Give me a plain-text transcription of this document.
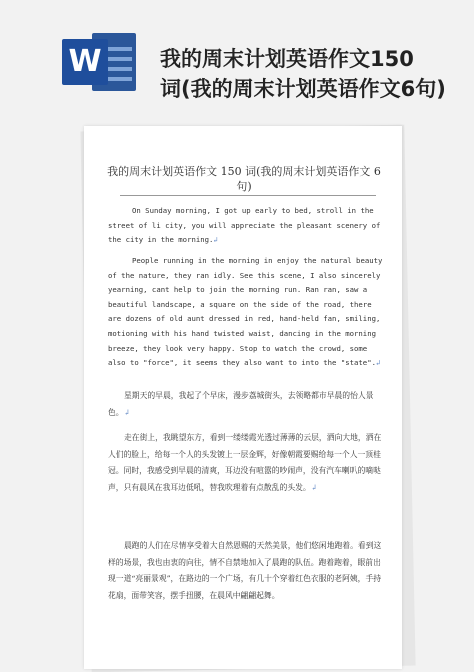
W	我的周末计划英语作文150
词(我的周末计划英语作文6句)
我的周末计划英语作文 150 词(我的周末计划英语作文 6 句)

On Sunday morning, I got up early to bed, stroll in the street of li city, you will appreciate the pleasant scenery of the city in the morning.↲

People running in the morning in enjoy the natural beauty of the nature, they ran idly. See this scene, I also sincerely yearning, cant help to join the morning run. Ran ran, saw a beautiful landscape, a square on the side of the road, there are dozens of old aunt dressed in red, hand-held fan, smiling, motioning with his hand twisted waist, dancing in the morning breeze, they look very happy. Stop to watch the crowd, some also to "force", it seems they also want to into the "state".↲

星期天的早晨，我起了个早床，漫步荔城街头，去领略都市早晨的怡人景色。↲

走在街上，我眺望东方，看到一缕缕霞光透过薄薄的云层，洒向大地，洒在人们的脸上，给每一个人的头发镀上一层金辉，好像朝霞要赐给每一个人一顶桂冠。同时，我感受到早晨的清爽，耳边没有喧嚣的吵闹声，没有汽车喇叭的嘀哒声，只有晨风在我耳边低吼，替我吹理着有点散乱的头发。↲

晨跑的人们在尽情享受着大自然恩赐的天然美景，他们悠闲地跑着。看到这样的场景，我也由衷的向往，情不自禁地加入了晨跑的队伍。跑着跑着，眼前出现一道“亮丽景观”，在路边的一个广场，有几十个穿着红色衣服的老阿姨，手持花扇，面带笑容，摆手扭腰，在晨风中翩翩起舞。
